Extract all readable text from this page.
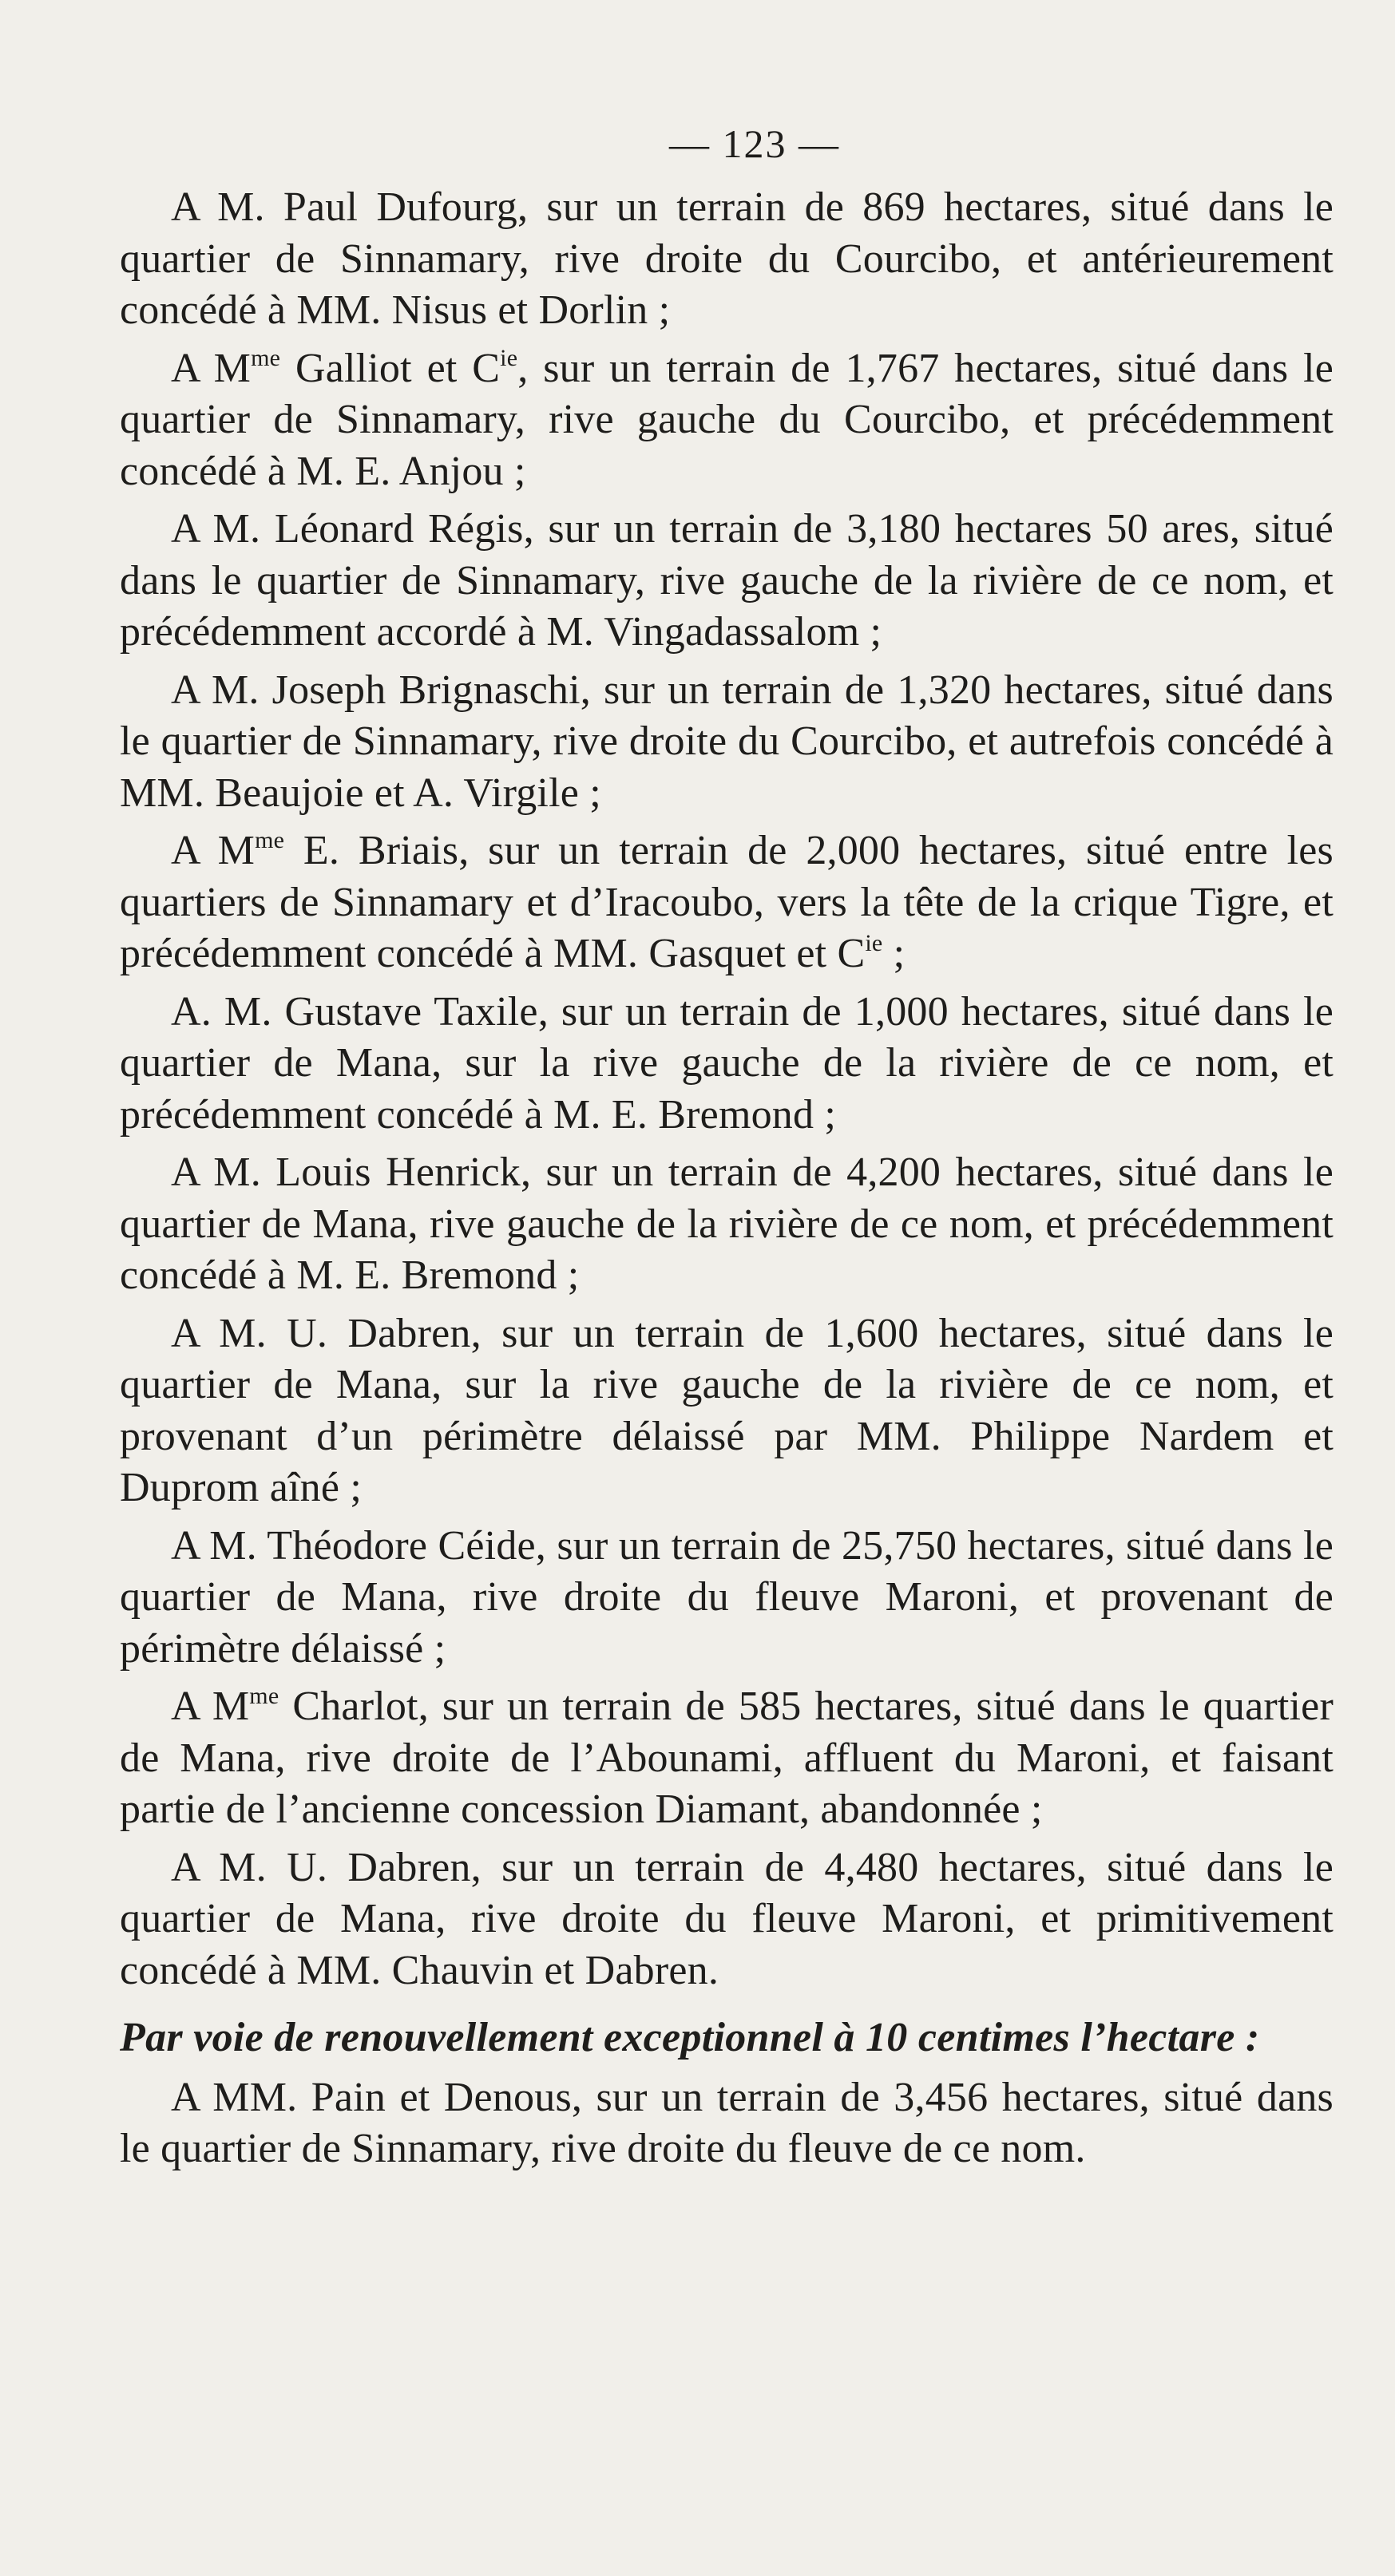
— 123 —

A M. Paul Dufourg, sur un terrain de 869 hectares, situé dans le quartier de Sinnamary, rive droite du Courcibo, et antérieurement concédé à MM. Nisus et Dorlin ;

A $M^{me}$ Galliot et $C^{ie}$, sur un terrain de 1,767 hectares, situé dans le quartier de Sinnamary, rive gauche du Courcibo, et précédemment concédé à M. E. Anjou ;

A M. Léonard Régis, sur un terrain de 3,180 hectares 50 ares, situé dans le quartier de Sinnamary, rive gauche de la rivière de ce nom, et précédemment accordé à M. Vingadassalom ;

A M. Joseph Brignaschi, sur un terrain de 1,320 hectares, situé dans le quartier de Sinnamary, rive droite du Courcibo, et autrefois concédé à MM. Beaujoie et A. Virgile ;

A $M^{me}$ E. Briais, sur un terrain de 2,000 hectares, situé entre les quartiers de Sinnamary et d’Iracoubo, vers la tête de la crique Tigre, et précédemment concédé à MM. Gasquet et $C^{ie}$ ;

A. M. Gustave Taxile, sur un terrain de 1,000 hectares, situé dans le quartier de Mana, sur la rive gauche de la rivière de ce nom, et précédemment concédé à M. E. Bremond ;

A M. Louis Henrick, sur un terrain de 4,200 hectares, situé dans le quartier de Mana, rive gauche de la rivière de ce nom, et précédemment concédé à M. E. Bremond ;

A M. U. Dabren, sur un terrain de 1,600 hectares, situé dans le quartier de Mana, sur la rive gauche de la rivière de ce nom, et provenant d’un périmètre délaissé par MM. Philippe Nardem et Duprom aîné ;

A M. Théodore Céide, sur un terrain de 25,750 hectares, situé dans le quartier de Mana, rive droite du fleuve Maroni, et provenant de périmètre délaissé ;

A $M^{me}$ Charlot, sur un terrain de 585 hectares, situé dans le quartier de Mana, rive droite de l’Abounami, affluent du Maroni, et faisant partie de l’ancienne concession Diamant, abandonnée ;

A M. U. Dabren, sur un terrain de 4,480 hectares, situé dans le quartier de Mana, rive droite du fleuve Maroni, et primitivement concédé à MM. Chauvin et Dabren.

Par voie de renouvellement exceptionnel à 10 centimes l’hectare :

A MM. Pain et Denous, sur un terrain de 3,456 hectares, situé dans le quartier de Sinnamary, rive droite du fleuve de ce nom.
